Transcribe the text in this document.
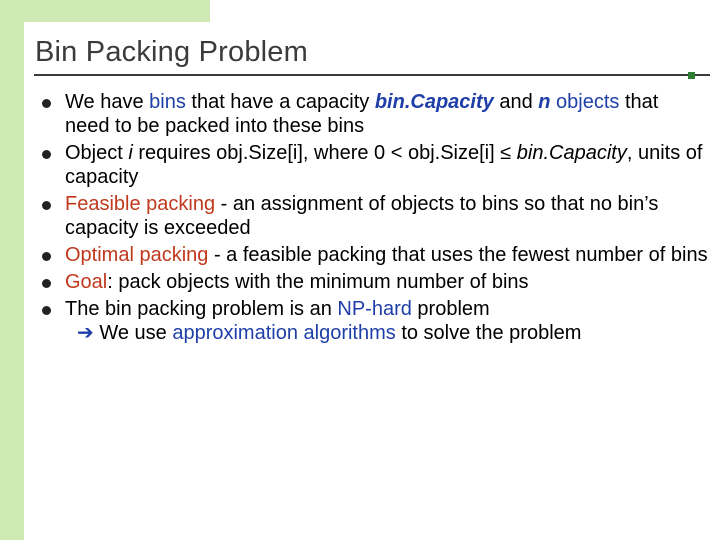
Bin Packing Problem
We have bins that have a capacity bin.Capacity and n objects that need to be packed into these bins
Object i requires obj.Size[i], where 0 < obj.Size[i] ≤ bin.Capacity, units of capacity
Feasible packing - an assignment of objects to bins so that no bin’s capacity is exceeded
Optimal packing - a feasible packing that uses the fewest number of bins
Goal: pack objects with the minimum number of bins
The bin packing problem is an NP-hard problem
➔ We use approximation algorithms to solve the problem
